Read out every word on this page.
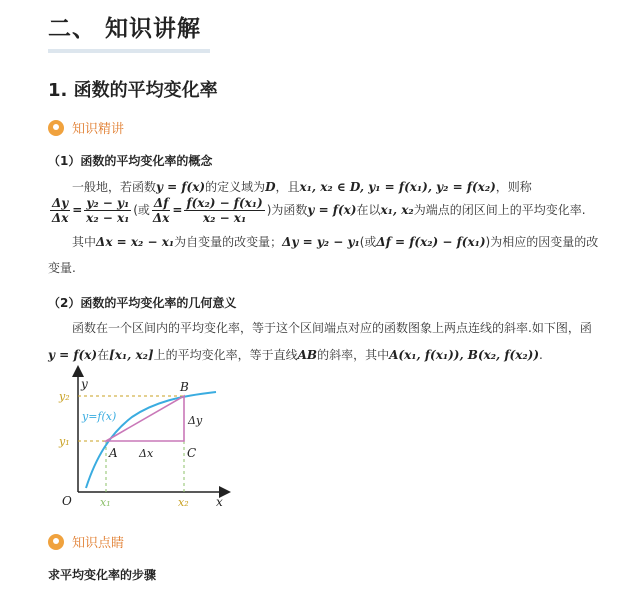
二、 知识讲解
1. 函数的平均变化率
知识精讲
（1）函数的平均变化率的概念
一般地，若函数y = f(x)的定义域为D，且x₁, x₂ ∈ D, y₁ = f(x₁), y₂ = f(x₂)，则称
$\frac{\Delta y}{\Delta x} = \frac{\text{y₂ − y₁}}{\text{x₂ − x₁}}$ (或 $\frac{\Delta f}{\Delta x} = \frac{\text{f(x₂) − f(x₁)}}{\text{x₂ − x₁}}$ )为函数y = f(x)在以x₁, x₂为端点的闭区间上的平均变化率.
其中Δx = x₂ − x₁为自变量的改变量；Δy = y₂ − y₁(或Δf = f(x₂) − f(x₁))为相应的因变量的改
变量.
（2）函数的平均变化率的几何意义
函数在一个区间内的平均变化率，等于这个区间端点对应的函数图象上两点连线的斜率.如下图，函
y = f(x)在[x₁, x₂]上的平均变化率，等于直线AB的斜率，其中A(x₁, f(x₁)), B(x₂, f(x₂)).
y
x
O
y₂
y₁
x₁	x₂
B
A	C
Δx
Δy
y=f(x)
知识点睛
求平均变化率的步骤
